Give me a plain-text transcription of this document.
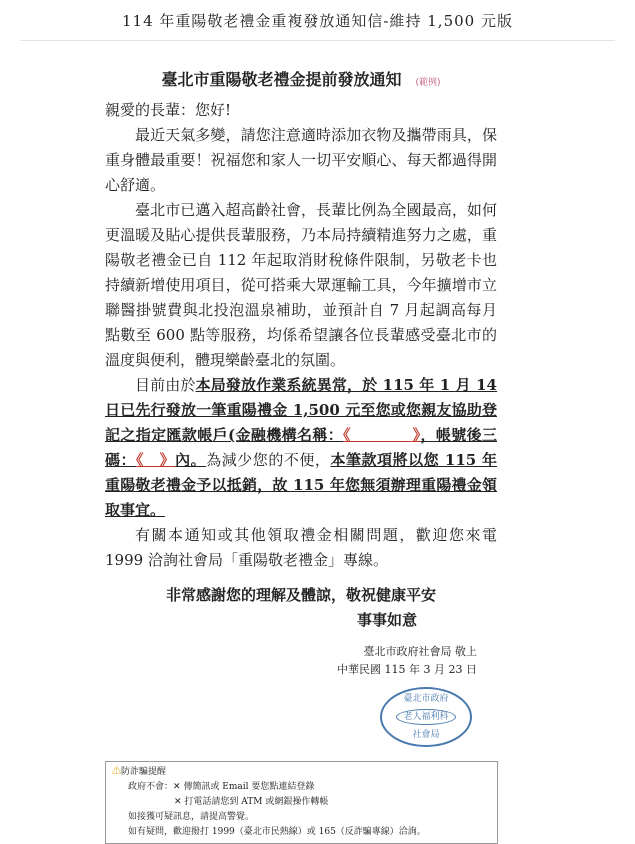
114 年重陽敬老禮金重複發放通知信-維持 1,500 元版
臺北市重陽敬老禮金提前發放通知 (範例)

親愛的長輩：您好!

最近天氣多變，請您注意適時添加衣物及攜帶雨具，保重身體最重要！祝福您和家人一切平安順心、每天都過得開心舒適。

臺北市已邁入超高齡社會，長輩比例為全國最高，如何更溫暖及貼心提供長輩服務，乃本局持續精進努力之處，重陽敬老禮金已自 112 年起取消財稅條件限制，另敬老卡也持續新增使用項目，從可搭乘大眾運輸工具，今年擴增市立聯醫掛號費與北投泡溫泉補助，並預計自 7 月起調高每月點數至 600 點等服務，均係希望讓各位長輩感受臺北市的溫度與便利，體現樂齡臺北的氛圍。

目前由於本局發放作業系統異常，於 115 年 1 月 14 日已先行發放一筆重陽禮金 1,500 元至您或您親友協助登記之指定匯款帳戶(金融機構名稱：《　　　　》，帳號後三碼：《　》內。為減少您的不便，本筆款項將以您 115 年重陽敬老禮金予以抵銷，故 115 年您無須辦理重陽禮金領取事宜。

有關本通知或其他領取禮金相關問題，歡迎您來電 1999 洽詢社會局「重陽敬老禮金」專線。

非常感謝您的理解及體諒，敬祝健康平安

事事如意

臺北市政府社會局 敬上
中華民國 115 年 3 月 23 日
臺北市政府
老人福利科
社會局
⚠防詐騙提醒
政府不會：✕ 傳簡訊或 Email 要您點連結登錄
✕ 打電話請您到 ATM 或網銀操作轉帳
如接獲可疑訊息，請提高警覺。
如有疑問，歡迎撥打 1999（臺北市民熱線）或 165（反詐騙專線）洽詢。
